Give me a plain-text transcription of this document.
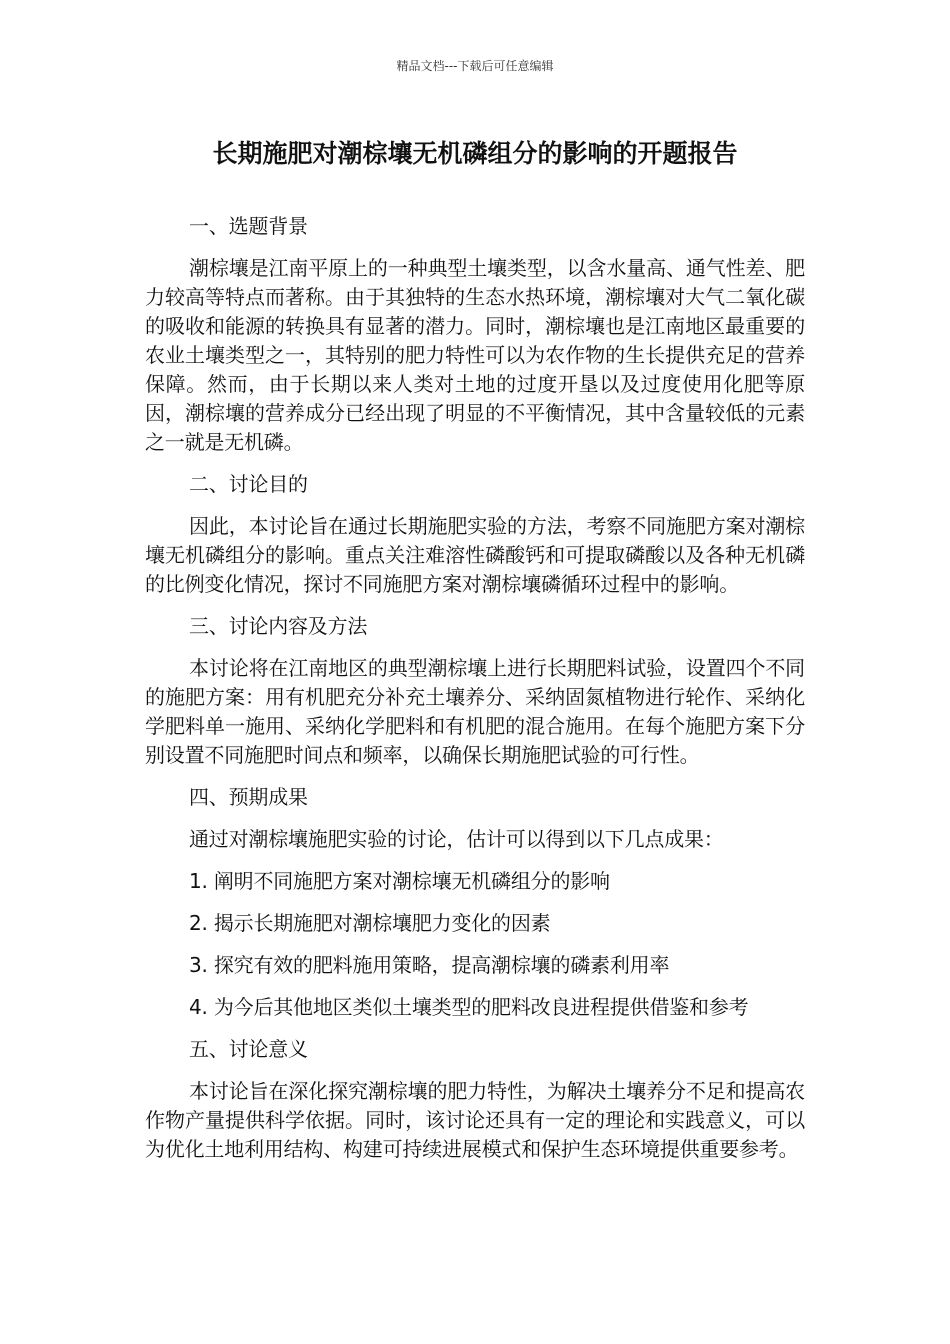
精品文档---下载后可任意编辑
长期施肥对潮棕壤无机磷组分的影响的开题报告

一、选题背景

潮棕壤是江南平原上的一种典型土壤类型，以含水量高、通气性差、肥力较高等特点而著称。由于其独特的生态水热环境，潮棕壤对大气二氧化碳的吸收和能源的转换具有显著的潜力。同时，潮棕壤也是江南地区最重要的农业土壤类型之一，其特别的肥力特性可以为农作物的生长提供充足的营养保障。然而，由于长期以来人类对土地的过度开垦以及过度使用化肥等原因，潮棕壤的营养成分已经出现了明显的不平衡情况，其中含量较低的元素之一就是无机磷。

二、讨论目的

因此，本讨论旨在通过长期施肥实验的方法，考察不同施肥方案对潮棕壤无机磷组分的影响。重点关注难溶性磷酸钙和可提取磷酸以及各种无机磷的比例变化情况，探讨不同施肥方案对潮棕壤磷循环过程中的影响。

三、讨论内容及方法

本讨论将在江南地区的典型潮棕壤上进行长期肥料试验，设置四个不同的施肥方案：用有机肥充分补充土壤养分、采纳固氮植物进行轮作、采纳化学肥料单一施用、采纳化学肥料和有机肥的混合施用。在每个施肥方案下分别设置不同施肥时间点和频率，以确保长期施肥试验的可行性。

四、预期成果

通过对潮棕壤施肥实验的讨论，估计可以得到以下几点成果：

1. 阐明不同施肥方案对潮棕壤无机磷组分的影响

2. 揭示长期施肥对潮棕壤肥力变化的因素

3. 探究有效的肥料施用策略，提高潮棕壤的磷素利用率

4. 为今后其他地区类似土壤类型的肥料改良进程提供借鉴和参考

五、讨论意义

本讨论旨在深化探究潮棕壤的肥力特性，为解决土壤养分不足和提高农作物产量提供科学依据。同时，该讨论还具有一定的理论和实践意义，可以为优化土地利用结构、构建可持续进展模式和保护生态环境提供重要参考。
